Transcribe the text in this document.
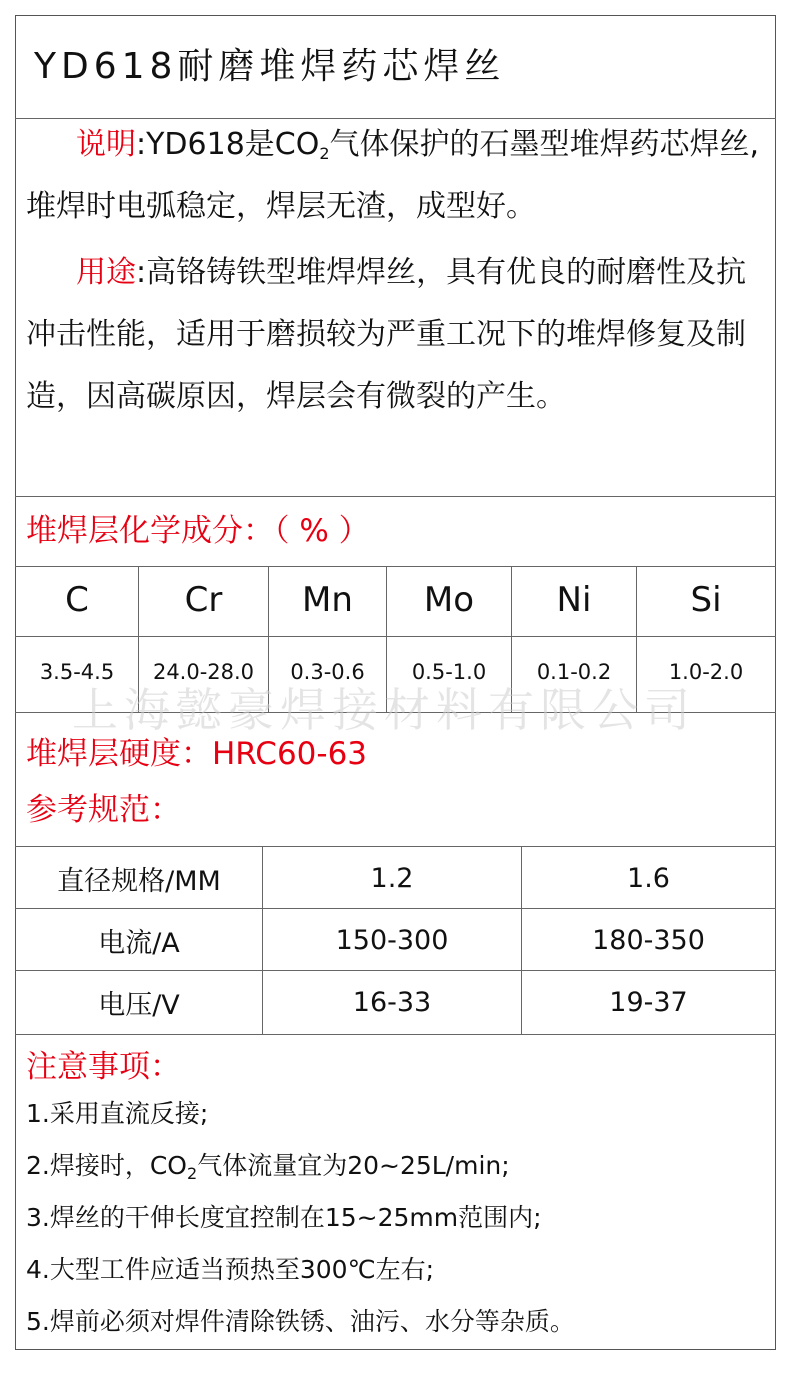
YD618耐磨堆焊药芯焊丝
说明:YD618是$CO_2$气体保护的石墨型堆焊药芯焊丝,堆焊时电弧稳定，焊层无渣，成型好。
用途:高铬铸铁型堆焊焊丝，具有优良的耐磨性及抗冲击性能，适用于磨损较为严重工况下的堆焊修复及制造，因高碳原因，焊层会有微裂的产生。
堆焊层化学成分：（ % ）
C	Cr	Mn	Mo	Ni	Si
上海懿豪焊接材料有限公司
3.5-4.5	24.0-28.0	0.3-0.6	0.5-1.0	0.1-0.2	1.0-2.0
堆焊层硬度：HRC60-63
参考规范：
直径规格/MM	1.2	1.6
电流/A	150-300	180-350
电压/V	16-33	19-37
注意事项：
1.采用直流反接;
2.焊接时，$CO_2$气体流量宜为20~25L/min;
3.焊丝的干伸长度宜控制在15~25mm范围内;
4.大型工件应适当预热至300℃左右;
5.焊前必须对焊件清除铁锈、油污、水分等杂质。
